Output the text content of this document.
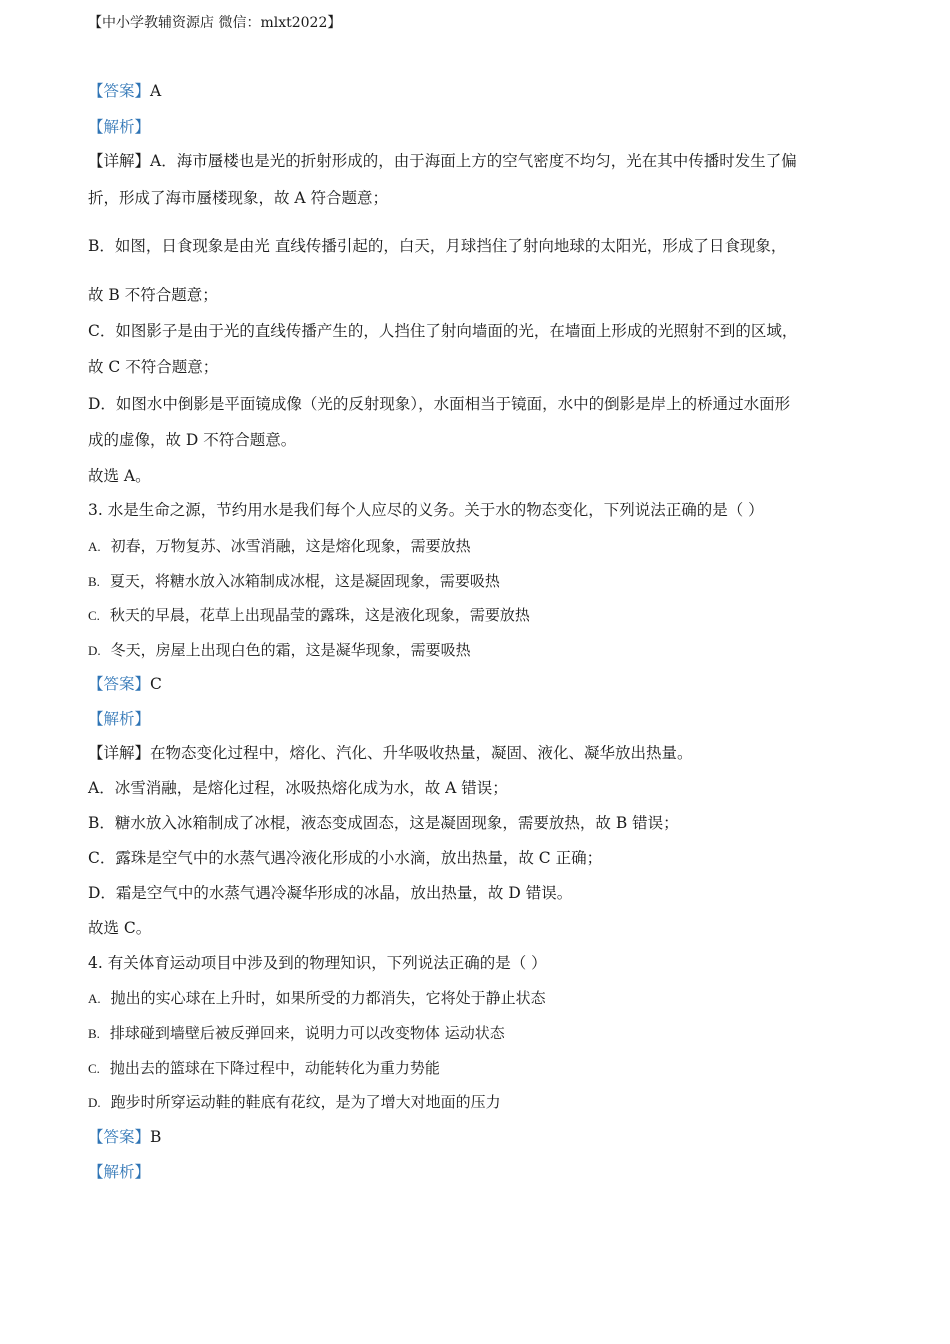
【中小学教辅资源店 微信：mlxt2022】
【答案】A
【解析】
【详解】A．海市蜃楼也是光的折射形成的，由于海面上方的空气密度不均匀，光在其中传播时发生了偏
折，形成了海市蜃楼现象，故 A 符合题意；
B．如图，日食现象是由光 直线传播引起的，白天，月球挡住了射向地球的太阳光，形成了日食现象，
故 B 不符合题意；
C．如图影子是由于光的直线传播产生的，人挡住了射向墙面的光，在墙面上形成的光照射不到的区域，
故 C 不符合题意；
D．如图水中倒影是平面镜成像（光的反射现象），水面相当于镜面，水中的倒影是岸上的桥通过水面形
成的虚像，故 D 不符合题意。
故选 A。
3. 水是生命之源，节约用水是我们每个人应尽的义务。关于水的物态变化，下列说法正确的是（ ）
A. 初春，万物复苏、冰雪消融，这是熔化现象，需要放热
B. 夏天，将糖水放入冰箱制成冰棍，这是凝固现象，需要吸热
C. 秋天的早晨，花草上出现晶莹的露珠，这是液化现象，需要放热
D. 冬天，房屋上出现白色的霜，这是凝华现象，需要吸热
【答案】C
【解析】
【详解】在物态变化过程中，熔化、汽化、升华吸收热量，凝固、液化、凝华放出热量。
A．冰雪消融，是熔化过程，冰吸热熔化成为水，故 A 错误；
B．糖水放入冰箱制成了冰棍，液态变成固态，这是凝固现象，需要放热，故 B 错误；
C．露珠是空气中的水蒸气遇冷液化形成的小水滴，放出热量，故 C 正确；
D．霜是空气中的水蒸气遇冷凝华形成的冰晶，放出热量，故 D 错误。
故选 C。
4. 有关体育运动项目中涉及到的物理知识，下列说法正确的是（ ）
A. 抛出的实心球在上升时，如果所受的力都消失，它将处于静止状态
B. 排球碰到墙壁后被反弹回来，说明力可以改变物体 运动状态
C. 抛出去的篮球在下降过程中，动能转化为重力势能
D. 跑步时所穿运动鞋的鞋底有花纹，是为了增大对地面的压力
【答案】B
【解析】
